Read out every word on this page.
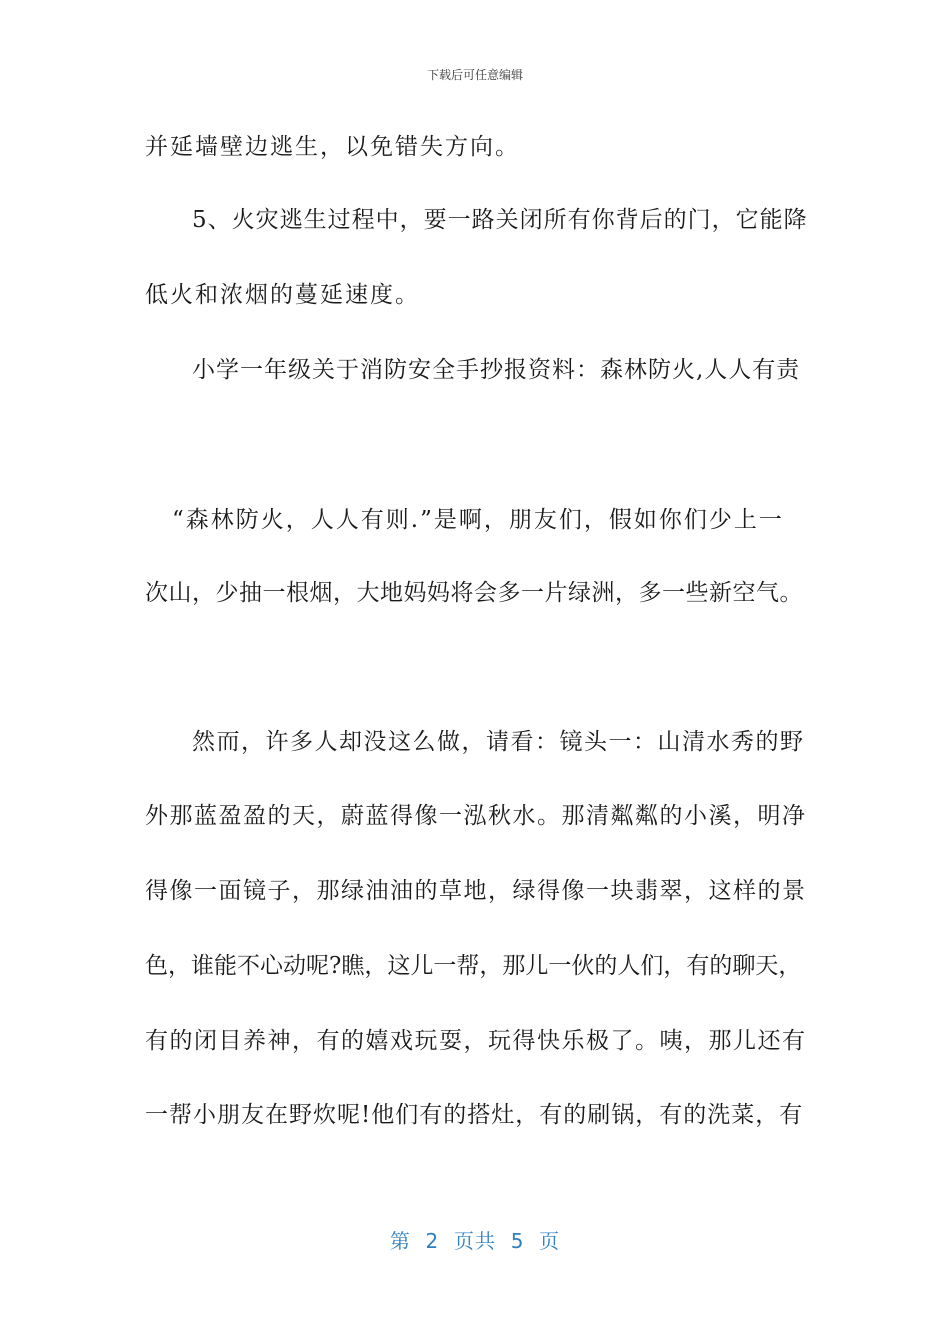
下载后可任意编辑
并延墙壁边逃生，以免错失方向。
5、火灾逃生过程中，要一路关闭所有你背后的门，它能降
低火和浓烟的蔓延速度。
小学一年级关于消防安全手抄报资料：森林防火,人人有责
“森林防火，人人有则.”是啊，朋友们，假如你们少上一
次山，少抽一根烟，大地妈妈将会多一片绿洲，多一些新空气。
然而，许多人却没这么做，请看：镜头一：山清水秀的野
外那蓝盈盈的天，蔚蓝得像一泓秋水。那清粼粼的小溪，明净
得像一面镜子，那绿油油的草地，绿得像一块翡翠，这样的景
色，谁能不心动呢?瞧，这儿一帮，那儿一伙的人们，有的聊天，
有的闭目养神，有的嬉戏玩耍，玩得快乐极了。咦，那儿还有
一帮小朋友在野炊呢!他们有的搭灶，有的刷锅，有的洗菜，有
第  2  页共  5  页
